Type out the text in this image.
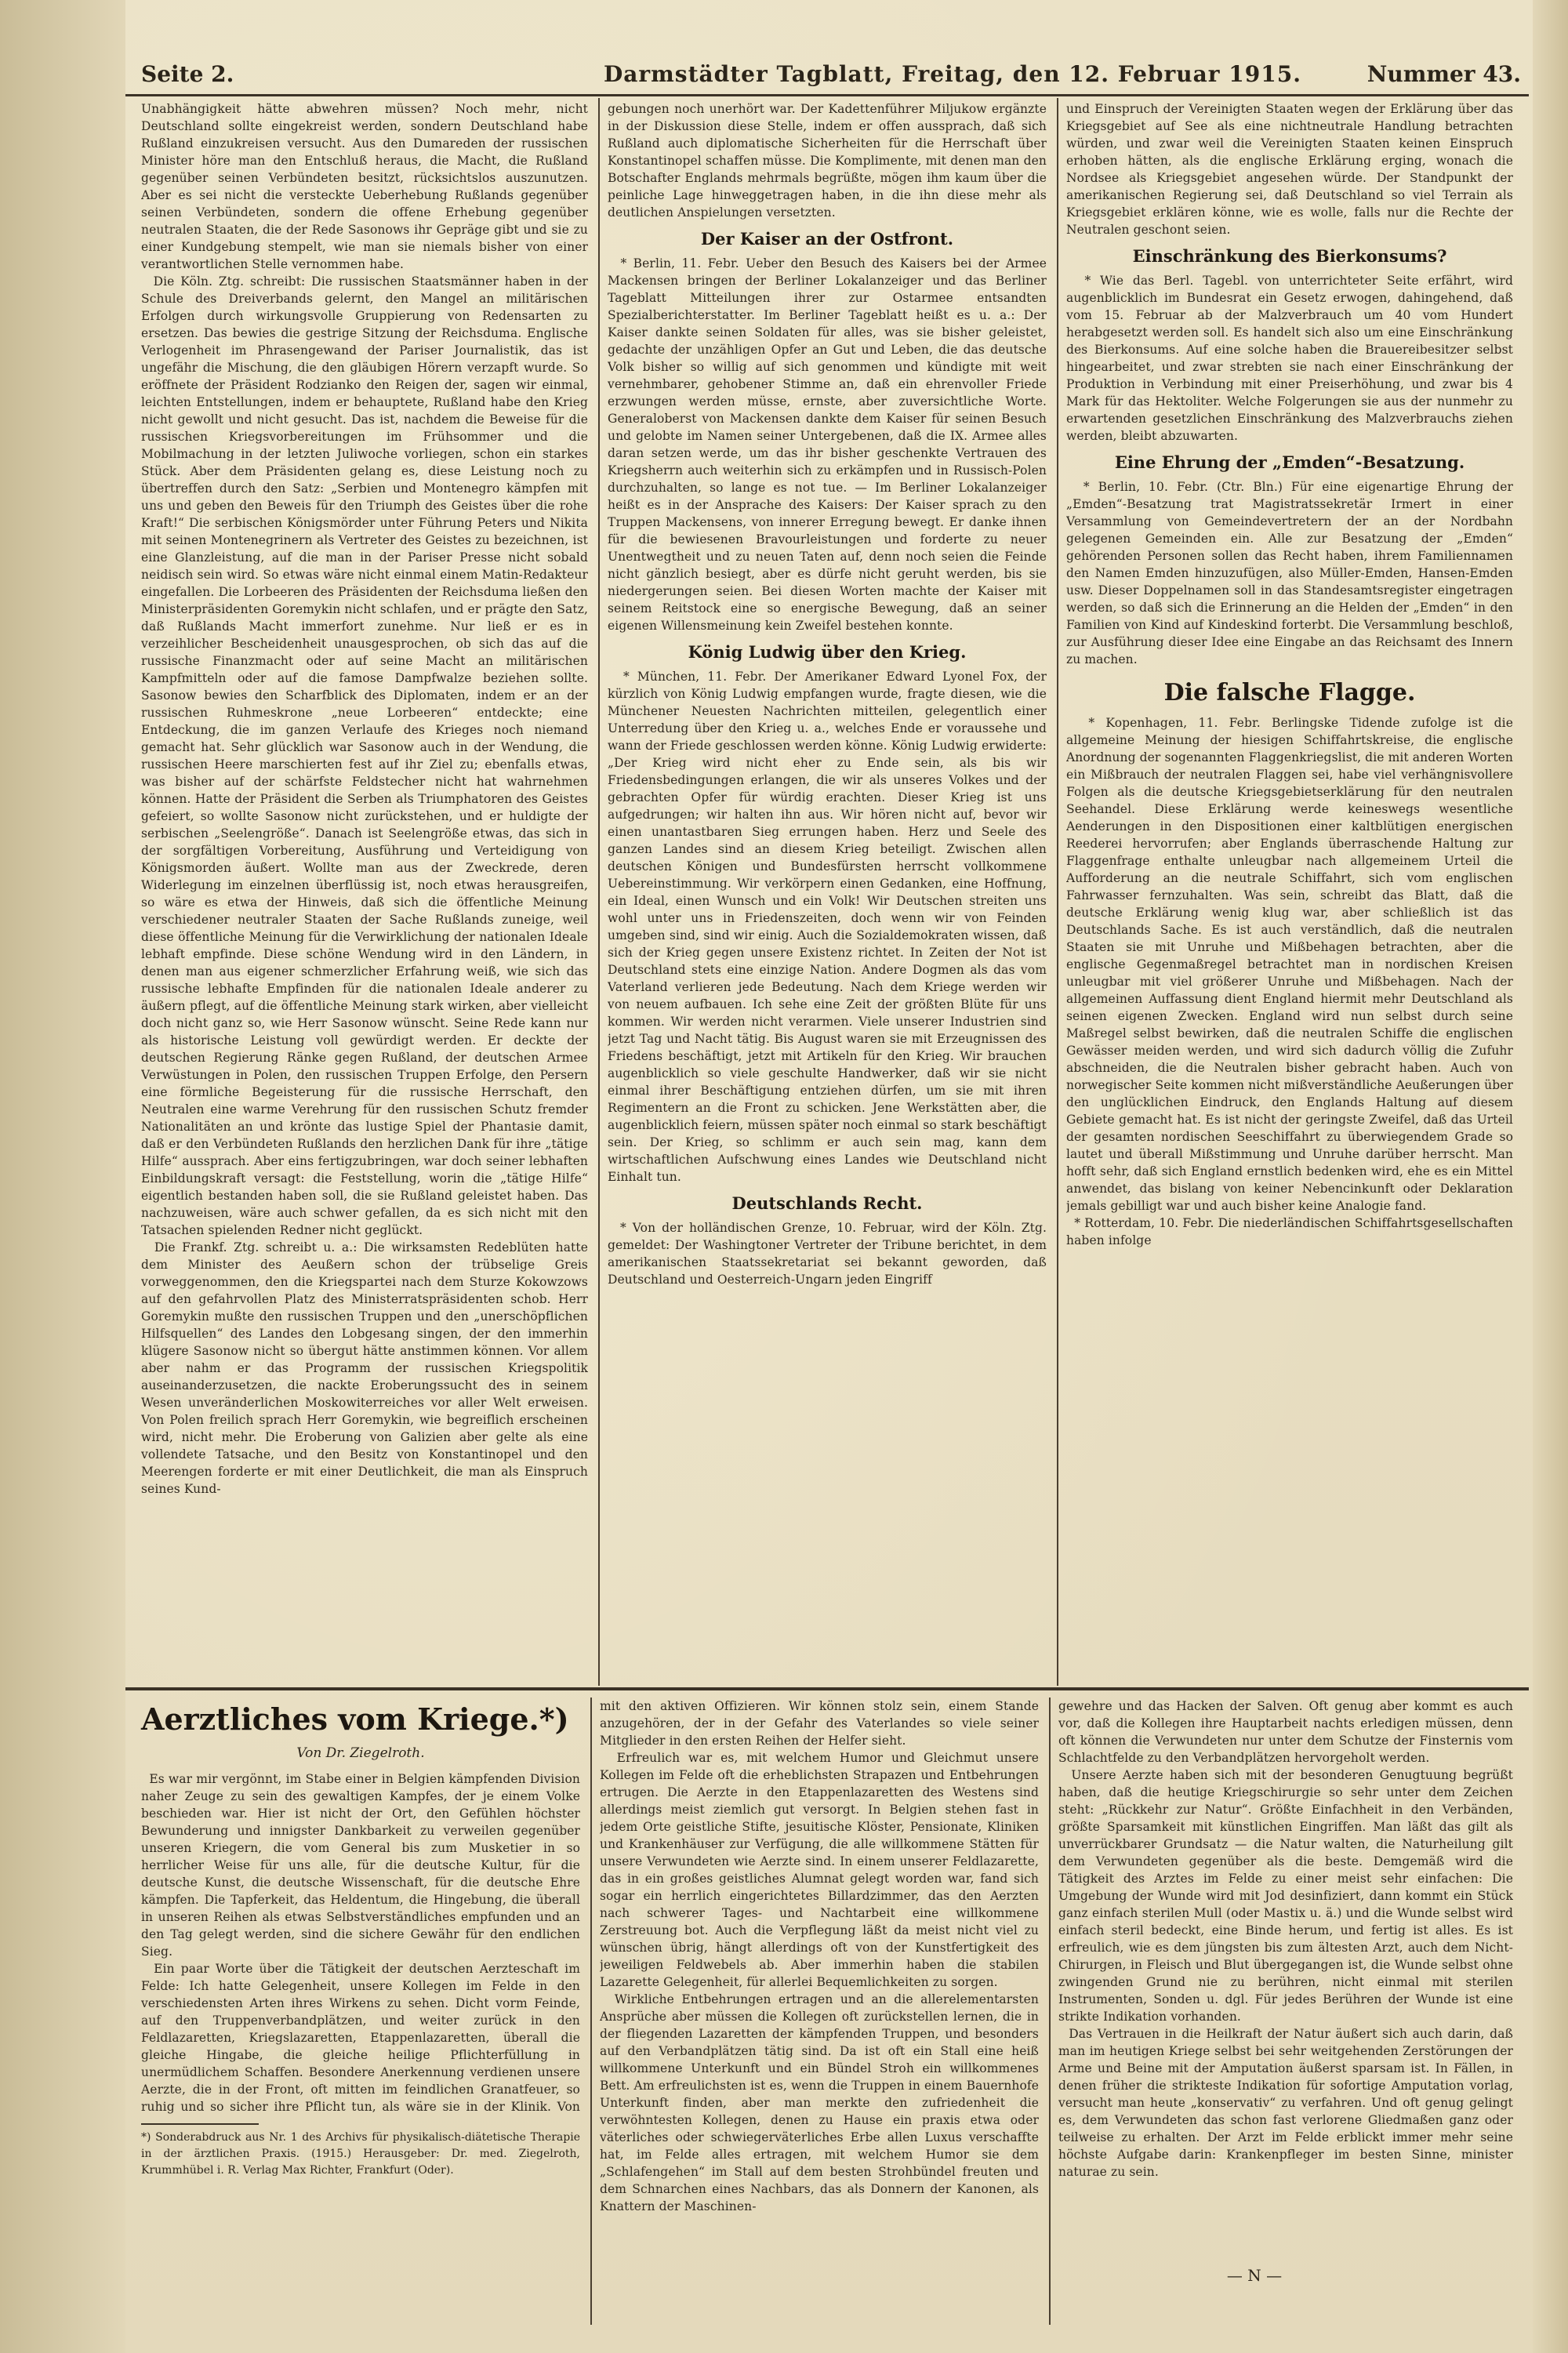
Seite 2.	Darmstädter Tagblatt, Freitag, den 12. Februar 1915.	Nummer 43.
Unabhängigkeit hätte abwehren müssen? Noch mehr, nicht Deutschland sollte eingekreist werden, sondern Deutschland habe Rußland einzukreisen versucht. Aus den Dumareden der russischen Minister höre man den Entschluß heraus, die Macht, die Rußland gegenüber seinen Verbündeten besitzt, rücksichtslos auszunutzen. Aber es sei nicht die versteckte Ueberhebung Rußlands gegenüber seinen Verbündeten, sondern die offene Erhebung gegenüber neutralen Staaten, die der Rede Sasonows ihr Gepräge gibt und sie zu einer Kundgebung stempelt, wie man sie niemals bisher von einer verantwortlichen Stelle vernommen habe.
Die Köln. Ztg. schreibt: Die russischen Staatsmänner haben in der Schule des Dreiverbands gelernt, den Mangel an militärischen Erfolgen durch wirkungsvolle Gruppierung von Redensarten zu ersetzen. Das bewies die gestrige Sitzung der Reichsduma. Englische Verlogenheit im Phrasengewand der Pariser Journalistik, das ist ungefähr die Mischung, die den gläubigen Hörern verzapft wurde. So eröffnete der Präsident Rodzianko den Reigen der, sagen wir einmal, leichten Entstellungen, indem er behauptete, Rußland habe den Krieg nicht gewollt und nicht gesucht. Das ist, nachdem die Beweise für die russischen Kriegsvorbereitungen im Frühsommer und die Mobilmachung in der letzten Juliwoche vorliegen, schon ein starkes Stück. Aber dem Präsidenten gelang es, diese Leistung noch zu übertreffen durch den Satz: „Serbien und Montenegro kämpfen mit uns und geben den Beweis für den Triumph des Geistes über die rohe Kraft!“ Die serbischen Königsmörder unter Führung Peters und Nikita mit seinen Montenegrinern als Vertreter des Geistes zu bezeichnen, ist eine Glanzleistung, auf die man in der Pariser Presse nicht sobald neidisch sein wird. So etwas wäre nicht einmal einem Matin-Redakteur eingefallen. Die Lorbeeren des Präsidenten der Reichsduma ließen den Ministerpräsidenten Goremykin nicht schlafen, und er prägte den Satz, daß Rußlands Macht immerfort zunehme. Nur ließ er es in verzeihlicher Bescheidenheit unausgesprochen, ob sich das auf die russische Finanzmacht oder auf seine Macht an militärischen Kampfmitteln oder auf die famose Dampfwalze beziehen sollte. Sasonow bewies den Scharfblick des Diplomaten, indem er an der russischen Ruhmeskrone „neue Lorbeeren“ entdeckte; eine Entdeckung, die im ganzen Verlaufe des Krieges noch niemand gemacht hat. Sehr glücklich war Sasonow auch in der Wendung, die russischen Heere marschierten fest auf ihr Ziel zu; ebenfalls etwas, was bisher auf der schärfste Feldstecher nicht hat wahrnehmen können. Hatte der Präsident die Serben als Triumphatoren des Geistes gefeiert, so wollte Sasonow nicht zurückstehen, und er huldigte der serbischen „Seelengröße“. Danach ist Seelengröße etwas, das sich in der sorgfältigen Vorbereitung, Ausführung und Verteidigung von Königsmorden äußert. Wollte man aus der Zweckrede, deren Widerlegung im einzelnen überflüssig ist, noch etwas herausgreifen, so wäre es etwa der Hinweis, daß sich die öffentliche Meinung verschiedener neutraler Staaten der Sache Rußlands zuneige, weil diese öffentliche Meinung für die Verwirklichung der nationalen Ideale lebhaft empfinde. Diese schöne Wendung wird in den Ländern, in denen man aus eigener schmerzlicher Erfahrung weiß, wie sich das russische lebhafte Empfinden für die nationalen Ideale anderer zu äußern pflegt, auf die öffentliche Meinung stark wirken, aber vielleicht doch nicht ganz so, wie Herr Sasonow wünscht. Seine Rede kann nur als historische Leistung voll gewürdigt werden. Er deckte der deutschen Regierung Ränke gegen Rußland, der deutschen Armee Verwüstungen in Polen, den russischen Truppen Erfolge, den Persern eine förmliche Begeisterung für die russische Herrschaft, den Neutralen eine warme Verehrung für den russischen Schutz fremder Nationalitäten an und krönte das lustige Spiel der Phantasie damit, daß er den Verbündeten Rußlands den herzlichen Dank für ihre „tätige Hilfe“ aussprach. Aber eins fertigzubringen, war doch seiner lebhaften Einbildungskraft versagt: die Feststellung, worin die „tätige Hilfe“ eigentlich bestanden haben soll, die sie Rußland geleistet haben. Das nachzuweisen, wäre auch schwer gefallen, da es sich nicht mit den Tatsachen spielenden Redner nicht geglückt.
Die Frankf. Ztg. schreibt u. a.: Die wirksamsten Redeblüten hatte dem Minister des Aeußern schon der trübselige Greis vorweggenommen, den die Kriegspartei nach dem Sturze Kokowzows auf den gefahrvollen Platz des Ministerratspräsidenten schob. Herr Goremykin mußte den russischen Truppen und den „unerschöpflichen Hilfsquellen“ des Landes den Lobgesang singen, der den immerhin klügere Sasonow nicht so übergut hätte anstimmen können. Vor allem aber nahm er das Programm der russischen Kriegspolitik auseinanderzusetzen, die nackte Eroberungssucht des in seinem Wesen unveränderlichen Moskowiterreiches vor aller Welt erweisen. Von Polen freilich sprach Herr Goremykin, wie begreiflich erscheinen wird, nicht mehr. Die Eroberung von Galizien aber gelte als eine vollendete Tatsache, und den Besitz von Konstantinopel und den Meerengen forderte er mit einer Deutlichkeit, die man als Einspruch seines Kund-
gebungen noch unerhört war. Der Kadettenführer Miljukow ergänzte in der Diskussion diese Stelle, indem er offen aussprach, daß sich Rußland auch diplomatische Sicherheiten für die Herrschaft über Konstantinopel schaffen müsse. Die Komplimente, mit denen man den Botschafter Englands mehrmals begrüßte, mögen ihm kaum über die peinliche Lage hinweggetragen haben, in die ihn diese mehr als deutlichen Anspielungen versetzten.
Der Kaiser an der Ostfront.
* Berlin, 11. Febr. Ueber den Besuch des Kaisers bei der Armee Mackensen bringen der Berliner Lokalanzeiger und das Berliner Tageblatt Mitteilungen ihrer zur Ostarmee entsandten Spezialberichterstatter. Im Berliner Tageblatt heißt es u. a.: Der Kaiser dankte seinen Soldaten für alles, was sie bisher geleistet, gedachte der unzähligen Opfer an Gut und Leben, die das deutsche Volk bisher so willig auf sich genommen und kündigte mit weit vernehmbarer, gehobener Stimme an, daß ein ehrenvoller Friede erzwungen werden müsse, ernste, aber zuversichtliche Worte. Generaloberst von Mackensen dankte dem Kaiser für seinen Besuch und gelobte im Namen seiner Untergebenen, daß die IX. Armee alles daran setzen werde, um das ihr bisher geschenkte Vertrauen des Kriegsherrn auch weiterhin sich zu erkämpfen und in Russisch-Polen durchzuhalten, so lange es not tue. — Im Berliner Lokalanzeiger heißt es in der Ansprache des Kaisers: Der Kaiser sprach zu den Truppen Mackensens, von innerer Erregung bewegt. Er danke ihnen für die bewiesenen Bravourleistungen und forderte zu neuer Unentwegtheit und zu neuen Taten auf, denn noch seien die Feinde nicht gänzlich besiegt, aber es dürfe nicht geruht werden, bis sie niedergerungen seien. Bei diesen Worten machte der Kaiser mit seinem Reitstock eine so energische Bewegung, daß an seiner eigenen Willensmeinung kein Zweifel bestehen konnte.
König Ludwig über den Krieg.
* München, 11. Febr. Der Amerikaner Edward Lyonel Fox, der kürzlich von König Ludwig empfangen wurde, fragte diesen, wie die Münchener Neuesten Nachrichten mitteilen, gelegentlich einer Unterredung über den Krieg u. a., welches Ende er voraussehe und wann der Friede geschlossen werden könne. König Ludwig erwiderte: „Der Krieg wird nicht eher zu Ende sein, als bis wir Friedensbedingungen erlangen, die wir als unseres Volkes und der gebrachten Opfer für würdig erachten. Dieser Krieg ist uns aufgedrungen; wir halten ihn aus. Wir hören nicht auf, bevor wir einen unantastbaren Sieg errungen haben. Herz und Seele des ganzen Landes sind an diesem Krieg beteiligt. Zwischen allen deutschen Königen und Bundesfürsten herrscht vollkommene Uebereinstimmung. Wir verkörpern einen Gedanken, eine Hoffnung, ein Ideal, einen Wunsch und ein Volk! Wir Deutschen streiten uns wohl unter uns in Friedenszeiten, doch wenn wir von Feinden umgeben sind, sind wir einig. Auch die Sozialdemokraten wissen, daß sich der Krieg gegen unsere Existenz richtet. In Zeiten der Not ist Deutschland stets eine einzige Nation. Andere Dogmen als das vom Vaterland verlieren jede Bedeutung. Nach dem Kriege werden wir von neuem aufbauen. Ich sehe eine Zeit der größten Blüte für uns kommen. Wir werden nicht verarmen. Viele unserer Industrien sind jetzt Tag und Nacht tätig. Bis August waren sie mit Erzeugnissen des Friedens beschäftigt, jetzt mit Artikeln für den Krieg. Wir brauchen augenblicklich so viele geschulte Handwerker, daß wir sie nicht einmal ihrer Beschäftigung entziehen dürfen, um sie mit ihren Regimentern an die Front zu schicken. Jene Werkstätten aber, die augenblicklich feiern, müssen später noch einmal so stark beschäftigt sein. Der Krieg, so schlimm er auch sein mag, kann dem wirtschaftlichen Aufschwung eines Landes wie Deutschland nicht Einhalt tun.
Deutschlands Recht.
* Von der holländischen Grenze, 10. Februar, wird der Köln. Ztg. gemeldet: Der Washingtoner Vertreter der Tribune berichtet, in dem amerikanischen Staatssekretariat sei bekannt geworden, daß Deutschland und Oesterreich-Ungarn jeden Eingriff
und Einspruch der Vereinigten Staaten wegen der Erklärung über das Kriegsgebiet auf See als eine nichtneutrale Handlung betrachten würden, und zwar weil die Vereinigten Staaten keinen Einspruch erhoben hätten, als die englische Erklärung erging, wonach die Nordsee als Kriegsgebiet angesehen würde. Der Standpunkt der amerikanischen Regierung sei, daß Deutschland so viel Terrain als Kriegsgebiet erklären könne, wie es wolle, falls nur die Rechte der Neutralen geschont seien.
Einschränkung des Bierkonsums?
* Wie das Berl. Tagebl. von unterrichteter Seite erfährt, wird augenblicklich im Bundesrat ein Gesetz erwogen, dahingehend, daß vom 15. Februar ab der Malzverbrauch um 40 vom Hundert herabgesetzt werden soll. Es handelt sich also um eine Einschränkung des Bierkonsums. Auf eine solche haben die Brauereibesitzer selbst hingearbeitet, und zwar strebten sie nach einer Einschränkung der Produktion in Verbindung mit einer Preiserhöhung, und zwar bis 4 Mark für das Hektoliter. Welche Folgerungen sie aus der nunmehr zu erwartenden gesetzlichen Einschränkung des Malzverbrauchs ziehen werden, bleibt abzuwarten.
Eine Ehrung der „Emden“-Besatzung.
* Berlin, 10. Febr. (Ctr. Bln.) Für eine eigenartige Ehrung der „Emden“-Besatzung trat Magistratssekretär Irmert in einer Versammlung von Gemeindevertretern der an der Nordbahn gelegenen Gemeinden ein. Alle zur Besatzung der „Emden“ gehörenden Personen sollen das Recht haben, ihrem Familiennamen den Namen Emden hinzuzufügen, also Müller-Emden, Hansen-Emden usw. Dieser Doppelnamen soll in das Standesamtsregister eingetragen werden, so daß sich die Erinnerung an die Helden der „Emden“ in den Familien von Kind auf Kindeskind forterbt. Die Versammlung beschloß, zur Ausführung dieser Idee eine Eingabe an das Reichsamt des Innern zu machen.
Die falsche Flagge.
* Kopenhagen, 11. Febr. Berlingske Tidende zufolge ist die allgemeine Meinung der hiesigen Schiffahrtskreise, die englische Anordnung der sogenannten Flaggenkriegslist, die mit anderen Worten ein Mißbrauch der neutralen Flaggen sei, habe viel verhängnisvollere Folgen als die deutsche Kriegsgebietserklärung für den neutralen Seehandel. Diese Erklärung werde keineswegs wesentliche Aenderungen in den Dispositionen einer kaltblütigen energischen Reederei hervorrufen; aber Englands überraschende Haltung zur Flaggenfrage enthalte unleugbar nach allgemeinem Urteil die Aufforderung an die neutrale Schiffahrt, sich vom englischen Fahrwasser fernzuhalten. Was sein, schreibt das Blatt, daß die deutsche Erklärung wenig klug war, aber schließlich ist das Deutschlands Sache. Es ist auch verständlich, daß die neutralen Staaten sie mit Unruhe und Mißbehagen betrachten, aber die englische Gegenmaßregel betrachtet man in nordischen Kreisen unleugbar mit viel größerer Unruhe und Mißbehagen. Nach der allgemeinen Auffassung dient England hiermit mehr Deutschland als seinen eigenen Zwecken. England wird nun selbst durch seine Maßregel selbst bewirken, daß die neutralen Schiffe die englischen Gewässer meiden werden, und wird sich dadurch völlig die Zufuhr abschneiden, die die Neutralen bisher gebracht haben. Auch von norwegischer Seite kommen nicht mißverständliche Aeußerungen über den unglücklichen Eindruck, den Englands Haltung auf diesem Gebiete gemacht hat. Es ist nicht der geringste Zweifel, daß das Urteil der gesamten nordischen Seeschiffahrt zu überwiegendem Grade so lautet und überall Mißstimmung und Unruhe darüber herrscht. Man hofft sehr, daß sich England ernstlich bedenken wird, ehe es ein Mittel anwendet, das bislang von keiner Nebencinkunft oder Deklaration jemals gebilligt war und auch bisher keine Analogie fand.
* Rotterdam, 10. Febr. Die niederländischen Schiffahrtsgesellschaften haben infolge
Aerztliches vom Kriege.*)
Von Dr. Ziegelroth.
Es war mir vergönnt, im Stabe einer in Belgien kämpfenden Division naher Zeuge zu sein des gewaltigen Kampfes, der je einem Volke beschieden war. Hier ist nicht der Ort, den Gefühlen höchster Bewunderung und innigster Dankbarkeit zu verweilen gegenüber unseren Kriegern, die vom General bis zum Musketier in so herrlicher Weise für uns alle, für die deutsche Kultur, für die deutsche Kunst, die deutsche Wissenschaft, für die deutsche Ehre kämpfen. Die Tapferkeit, das Heldentum, die Hingebung, die überall in unseren Reihen als etwas Selbstverständliches empfunden und an den Tag gelegt werden, sind die sichere Gewähr für den endlichen Sieg.
Ein paar Worte über die Tätigkeit der deutschen Aerzteschaft im Felde: Ich hatte Gelegenheit, unsere Kollegen im Felde in den verschiedensten Arten ihres Wirkens zu sehen. Dicht vorm Feinde, auf den Truppenverbandplätzen, und weiter zurück in den Feldlazaretten, Kriegslazaretten, Etappenlazaretten, überall die gleiche Hingabe, die gleiche heilige Pflichterfüllung in unermüdlichem Schaffen. Besondere Anerkennung verdienen unsere Aerzte, die in der Front, oft mitten im feindlichen Granatfeuer, so ruhig und so sicher ihre Pflicht tun, als wäre sie in der Klinik. Von
*) Sonderabdruck aus Nr. 1 des Archivs für physikalisch-diätetische Therapie in der ärztlichen Praxis. (1915.) Herausgeber: Dr. med. Ziegelroth, Krummhübel i. R. Verlag Max Richter, Frankfurt (Oder).
mit den aktiven Offizieren. Wir können stolz sein, einem Stande anzugehören, der in der Gefahr des Vaterlandes so viele seiner Mitglieder in den ersten Reihen der Helfer sieht.
Erfreulich war es, mit welchem Humor und Gleichmut unsere Kollegen im Felde oft die erheblichsten Strapazen und Entbehrungen ertrugen. Die Aerzte in den Etappenlazaretten des Westens sind allerdings meist ziemlich gut versorgt. In Belgien stehen fast in jedem Orte geistliche Stifte, jesuitische Klöster, Pensionate, Kliniken und Krankenhäuser zur Verfügung, die alle willkommene Stätten für unsere Verwundeten wie Aerzte sind. In einem unserer Feldlazarette, das in ein großes geistliches Alumnat gelegt worden war, fand sich sogar ein herrlich eingerichtetes Billardzimmer, das den Aerzten nach schwerer Tages- und Nachtarbeit eine willkommene Zerstreuung bot. Auch die Verpflegung läßt da meist nicht viel zu wünschen übrig, hängt allerdings oft von der Kunstfertigkeit des jeweiligen Feldwebels ab. Aber immerhin haben die stabilen Lazarette Gelegenheit, für allerlei Bequemlichkeiten zu sorgen.
Wirkliche Entbehrungen ertragen und an die allerelementarsten Ansprüche aber müssen die Kollegen oft zurückstellen lernen, die in der fliegenden Lazaretten der kämpfenden Truppen, und besonders auf den Verbandplätzen tätig sind. Da ist oft ein Stall eine heiß willkommene Unterkunft und ein Bündel Stroh ein willkommenes Bett. Am erfreulichsten ist es, wenn die Truppen in einem Bauernhofe Unterkunft finden, aber man merkte den zufriedenheit die verwöhntesten Kollegen, denen zu Hause ein praxis etwa oder väterliches oder schwiegerväterliches Erbe allen Luxus verschaffte hat, im Felde alles ertragen, mit welchem Humor sie dem „Schlafengehen“ im Stall auf dem besten Strohbündel freuten und dem Schnarchen eines Nachbars, das als Donnern der Kanonen, als Knattern der Maschinen-
gewehre und das Hacken der Salven. Oft genug aber kommt es auch vor, daß die Kollegen ihre Hauptarbeit nachts erledigen müssen, denn oft können die Verwundeten nur unter dem Schutze der Finsternis vom Schlachtfelde zu den Verbandplätzen hervorgeholt werden.
Unsere Aerzte haben sich mit der besonderen Genugtuung begrüßt haben, daß die heutige Kriegschirurgie so sehr unter dem Zeichen steht: „Rückkehr zur Natur“. Größte Einfachheit in den Verbänden, größte Sparsamkeit mit künstlichen Eingriffen. Man läßt das gilt als unverrückbarer Grundsatz — die Natur walten, die Naturheilung gilt dem Verwundeten gegenüber als die beste. Demgemäß wird die Tätigkeit des Arztes im Felde zu einer meist sehr einfachen: Die Umgebung der Wunde wird mit Jod desinfiziert, dann kommt ein Stück ganz einfach sterilen Mull (oder Mastix u. ä.) und die Wunde selbst wird einfach steril bedeckt, eine Binde herum, und fertig ist alles. Es ist erfreulich, wie es dem jüngsten bis zum ältesten Arzt, auch dem Nicht-Chirurgen, in Fleisch und Blut übergegangen ist, die Wunde selbst ohne zwingenden Grund nie zu berühren, nicht einmal mit sterilen Instrumenten, Sonden u. dgl. Für jedes Berühren der Wunde ist eine strikte Indikation vorhanden.
Das Vertrauen in die Heilkraft der Natur äußert sich auch darin, daß man im heutigen Kriege selbst bei sehr weitgehenden Zerstörungen der Arme und Beine mit der Amputation äußerst sparsam ist. In Fällen, in denen früher die strikteste Indikation für sofortige Amputation vorlag, versucht man heute „konservativ“ zu verfahren. Und oft genug gelingt es, dem Verwundeten das schon fast verlorene Gliedmaßen ganz oder teilweise zu erhalten. Der Arzt im Felde erblickt immer mehr seine höchste Aufgabe darin: Krankenpfleger im besten Sinne, minister naturae zu sein.
— N —
